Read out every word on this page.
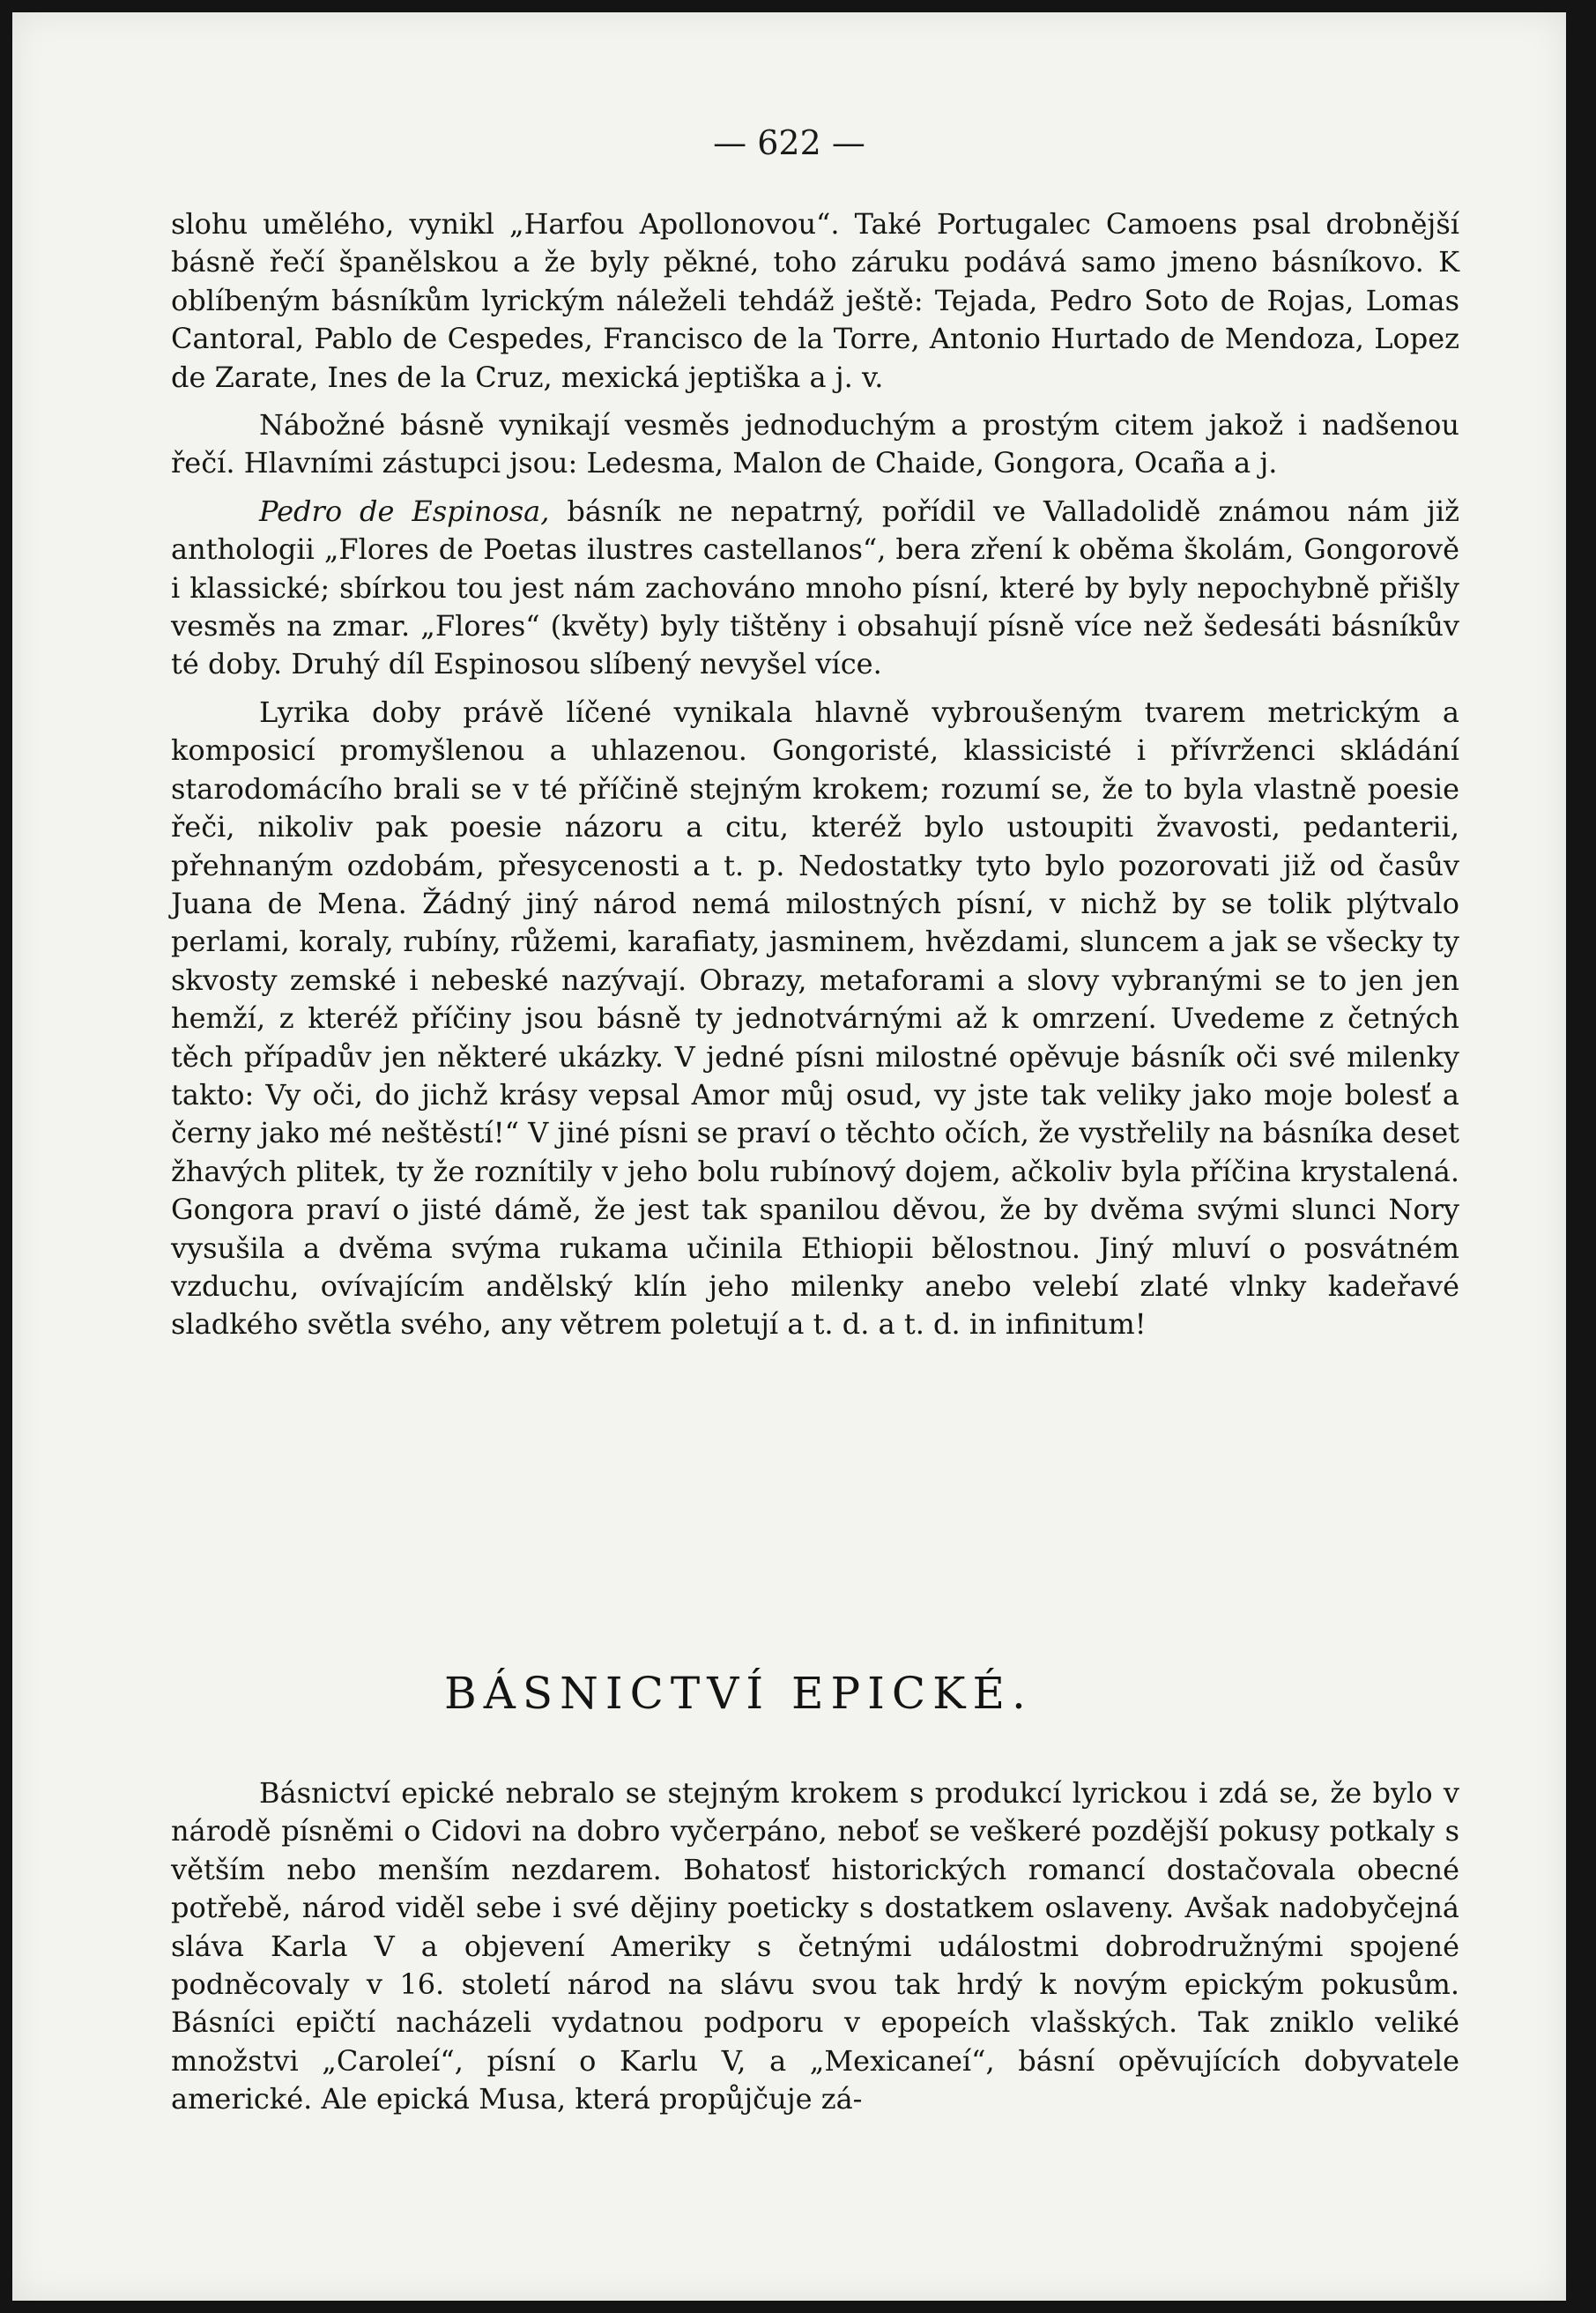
— 622 —

slohu umělého, vynikl „Harfou Apollonovou“. Také Portugalec Camoens psal drobnější básně řečí španělskou a že byly pěkné, toho záruku podává samo jmeno básníkovo. K oblíbeným básníkům lyrickým náleželi tehdáž ještě: Tejada, Pedro Soto de Rojas, Lomas Cantoral, Pablo de Cespedes, Francisco de la Torre, Antonio Hurtado de Mendoza, Lopez de Zarate, Ines de la Cruz, mexická jeptiška a j. v.

Nábožné básně vynikají vesměs jednoduchým a prostým citem jakož i nadšenou řečí. Hlavními zástupci jsou: Ledesma, Malon de Chaide, Gongora, Ocaña a j.

Pedro de Espinosa, básník ne nepatrný, pořídil ve Valladolidě známou nám již anthologii „Flores de Poetas ilustres castellanos“, bera zření k oběma školám, Gongorově i klassické; sbírkou tou jest nám zachováno mnoho písní, které by byly nepochybně přišly vesměs na zmar. „Flores“ (květy) byly tištěny i obsahují písně více než šedesáti básníkův té doby. Druhý díl Espinosou slíbený nevyšel více.

Lyrika doby právě líčené vynikala hlavně vybroušeným tvarem metrickým a komposicí promyšlenou a uhlazenou. Gongoristé, klassicisté i přívrženci skládání starodomácího brali se v té příčině stejným krokem; rozumí se, že to byla vlastně poesie řeči, nikoliv pak poesie názoru a citu, kteréž bylo ustoupiti žvavosti, pedanterii, přehnaným ozdobám, přesycenosti a t. p. Nedostatky tyto bylo pozorovati již od časův Juana de Mena. Žádný jiný národ nemá milostných písní, v nichž by se tolik plýtvalo perlami, koraly, rubíny, růžemi, karafiaty, jasminem, hvězdami, sluncem a jak se všecky ty skvosty zemské i nebeské nazývají. Obrazy, metaforami a slovy vybranými se to jen jen hemží, z kteréž příčiny jsou básně ty jednotvárnými až k omrzení. Uvedeme z četných těch případův jen některé ukázky. V jedné písni milostné opěvuje básník oči své milenky takto: Vy oči, do jichž krásy vepsal Amor můj osud, vy jste tak veliky jako moje bolesť a černy jako mé neštěstí!“ V jiné písni se praví o těchto očích, že vystřelily na básníka deset žhavých plitek, ty že roznítily v jeho bolu rubínový dojem, ačkoliv byla příčina krystalená. Gongora praví o jisté dámě, že jest tak spanilou děvou, že by dvěma svými slunci Nory vysušila a dvěma svýma rukama učinila Ethiopii bělostnou. Jiný mluví o posvátném vzduchu, ovívajícím andělský klín jeho milenky anebo velebí zlaté vlnky kadeřavé sladkého světla svého, any větrem poletují a t. d. a t. d. in infinitum!

BÁSNICTVÍ EPICKÉ.

Básnictví epické nebralo se stejným krokem s produkcí lyrickou i zdá se, že bylo v národě písněmi o Cidovi na dobro vyčerpáno, neboť se veškeré pozdější pokusy potkaly s větším nebo menším nezdarem. Bohatosť historických romancí dostačovala obecné potřebě, národ viděl sebe i své dějiny poeticky s dostatkem oslaveny. Avšak nadobyčejná sláva Karla V a objevení Ameriky s četnými událostmi dobrodružnými spojené podněcovaly v 16. století národ na slávu svou tak hrdý k novým epickým pokusům. Básníci epičtí nacházeli vydatnou podporu v epopeích vlašských. Tak zniklo veliké množstvi „Caroleí“, písní o Karlu V, a „Mexicaneí“, básní opěvujících dobyvatele americké. Ale epická Musa, která propůjčuje zá-
